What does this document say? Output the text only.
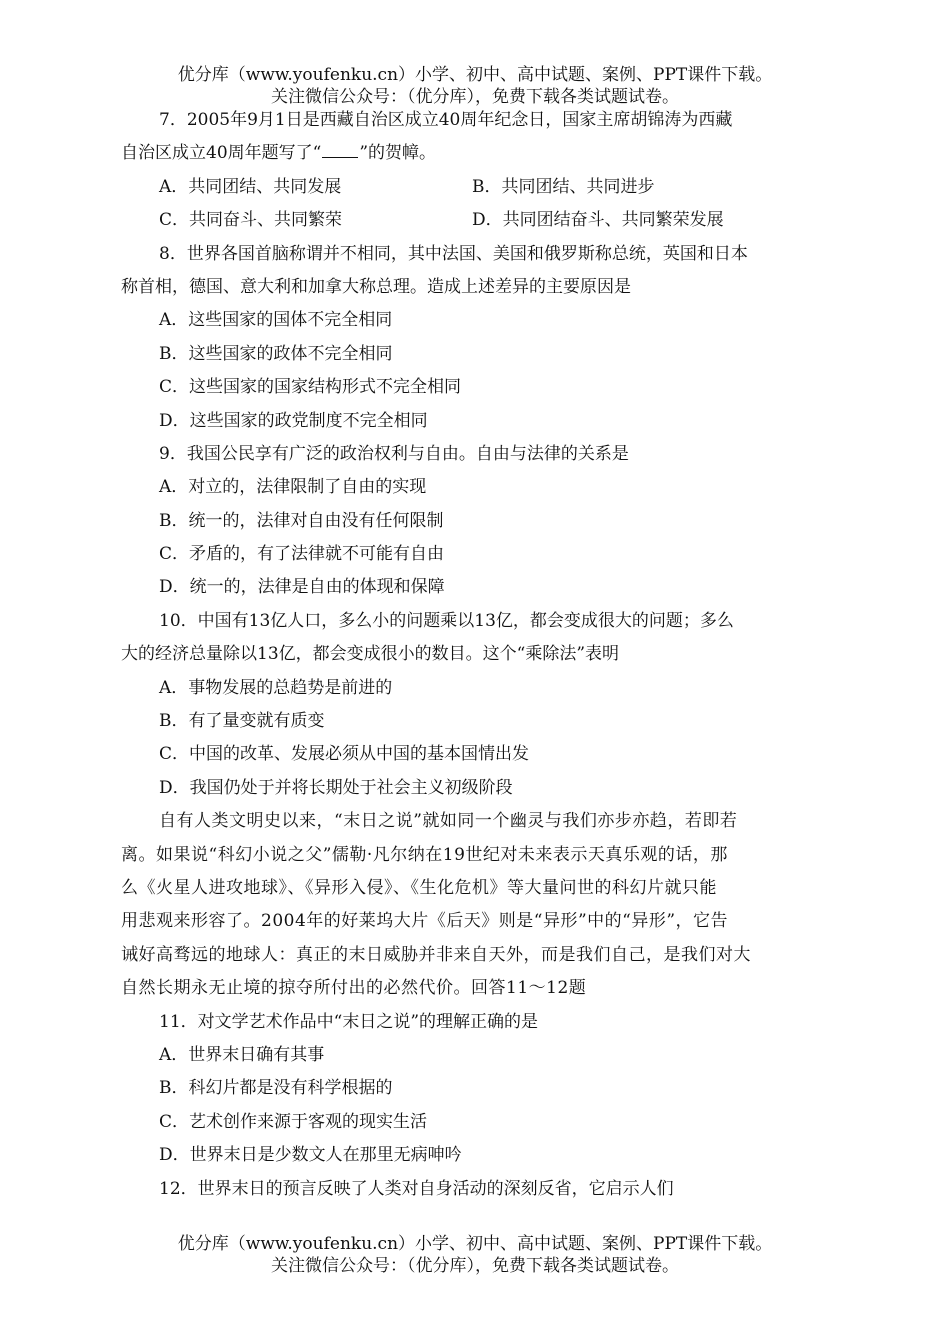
优分库（www.youfenku.cn）小学、初中、高中试题、案例、PPT课件下载。
关注微信公众号：（优分库），免费下载各类试题试卷。
7．2005年9月1日是西藏自治区成立40周年纪念日，国家主席胡锦涛为西藏
自治区成立40周年题写了“ ”的贺幛。
A．共同团结、共同发展	B．共同团结、共同进步
C．共同奋斗、共同繁荣	D．共同团结奋斗、共同繁荣发展
8．世界各国首脑称谓并不相同，其中法国、美国和俄罗斯称总统，英国和日本
称首相，德国、意大利和加拿大称总理。造成上述差异的主要原因是
A．这些国家的国体不完全相同
B．这些国家的政体不完全相同
C．这些国家的国家结构形式不完全相同
D．这些国家的政党制度不完全相同
9．我国公民享有广泛的政治权利与自由。自由与法律的关系是
A．对立的，法律限制了自由的实现
B．统一的，法律对自由没有任何限制
C．矛盾的，有了法律就不可能有自由
D．统一的，法律是自由的体现和保障
10．中国有13亿人口，多么小的问题乘以13亿，都会变成很大的问题；多么
大的经济总量除以13亿，都会变成很小的数目。这个“乘除法”表明
A．事物发展的总趋势是前进的
B．有了量变就有质变
C．中国的改革、发展必须从中国的基本国情出发
D．我国仍处于并将长期处于社会主义初级阶段
自有人类文明史以来，“末日之说”就如同一个幽灵与我们亦步亦趋，若即若
离。如果说“科幻小说之父”儒勒·凡尔纳在19世纪对未来表示天真乐观的话，那
么《火星人进攻地球》、《异形入侵》、《生化危机》等大量问世的科幻片就只能
用悲观来形容了。2004年的好莱坞大片《后天》则是“异形”中的“异形”，它告
诫好高骛远的地球人：真正的末日威胁并非来自天外，而是我们自己，是我们对大
自然长期永无止境的掠夺所付出的必然代价。回答11～12题
11．对文学艺术作品中“末日之说”的理解正确的是
A．世界末日确有其事
B．科幻片都是没有科学根据的
C．艺术创作来源于客观的现实生活
D．世界末日是少数文人在那里无病呻吟
12．世界末日的预言反映了人类对自身活动的深刻反省，它启示人们
优分库（www.youfenku.cn）小学、初中、高中试题、案例、PPT课件下载。
关注微信公众号：（优分库），免费下载各类试题试卷。
